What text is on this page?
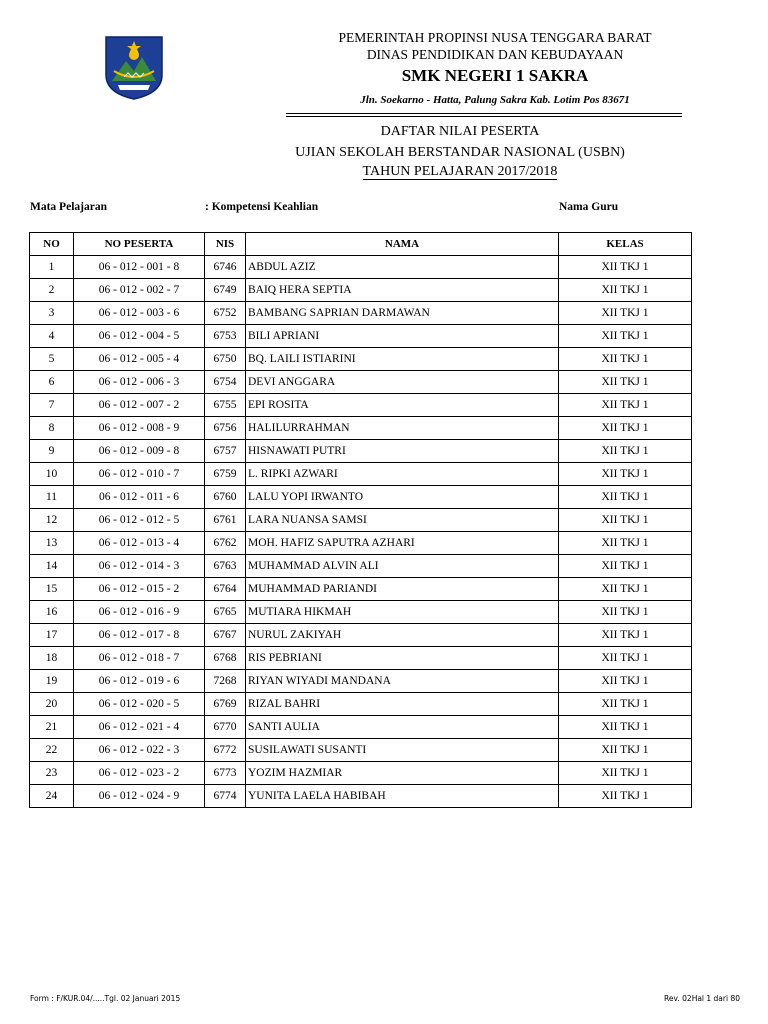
PEMERINTAH PROPINSI NUSA TENGGARA BARAT
DINAS PENDIDIKAN DAN KEBUDAYAAN
SMK NEGERI 1 SAKRA
Jln. Soekarno - Hatta, Palung Sakra Kab. Lotim Pos 83671
DAFTAR NILAI PESERTA
UJIAN SEKOLAH BERSTANDAR NASIONAL (USBN)
TAHUN PELAJARAN 2017/2018
Mata Pelajaran	: Kompetensi Keahlian	Nama Guru
NO	NO PESERTA	NIS	NAMA	KELAS
1	06 - 012 - 001 - 8	6746	ABDUL AZIZ	XII TKJ 1
2	06 - 012 - 002 - 7	6749	BAIQ HERA SEPTIA	XII TKJ 1
3	06 - 012 - 003 - 6	6752	BAMBANG SAPRIAN DARMAWAN	XII TKJ 1
4	06 - 012 - 004 - 5	6753	BILI APRIANI	XII TKJ 1
5	06 - 012 - 005 - 4	6750	BQ. LAILI ISTIARINI	XII TKJ 1
6	06 - 012 - 006 - 3	6754	DEVI ANGGARA	XII TKJ 1
7	06 - 012 - 007 - 2	6755	EPI ROSITA	XII TKJ 1
8	06 - 012 - 008 - 9	6756	HALILURRAHMAN	XII TKJ 1
9	06 - 012 - 009 - 8	6757	HISNAWATI PUTRI	XII TKJ 1
10	06 - 012 - 010 - 7	6759	L. RIPKI AZWARI	XII TKJ 1
11	06 - 012 - 011 - 6	6760	LALU YOPI IRWANTO	XII TKJ 1
12	06 - 012 - 012 - 5	6761	LARA NUANSA SAMSI	XII TKJ 1
13	06 - 012 - 013 - 4	6762	MOH. HAFIZ SAPUTRA AZHARI	XII TKJ 1
14	06 - 012 - 014 - 3	6763	MUHAMMAD ALVIN ALI	XII TKJ 1
15	06 - 012 - 015 - 2	6764	MUHAMMAD PARIANDI	XII TKJ 1
16	06 - 012 - 016 - 9	6765	MUTIARA HIKMAH	XII TKJ 1
17	06 - 012 - 017 - 8	6767	NURUL ZAKIYAH	XII TKJ 1
18	06 - 012 - 018 - 7	6768	RIS PEBRIANI	XII TKJ 1
19	06 - 012 - 019 - 6	7268	RIYAN WIYADI MANDANA	XII TKJ 1
20	06 - 012 - 020 - 5	6769	RIZAL BAHRI	XII TKJ 1
21	06 - 012 - 021 - 4	6770	SANTI AULIA	XII TKJ 1
22	06 - 012 - 022 - 3	6772	SUSILAWATI SUSANTI	XII TKJ 1
23	06 - 012 - 023 - 2	6773	YOZIM HAZMIAR	XII TKJ 1
24	06 - 012 - 024 - 9	6774	YUNITA LAELA HABIBAH	XII TKJ 1
Form : F/KUR.04/.....Tgl. 02 Januari 2015	Rev. 02Hal 1 dari 80
